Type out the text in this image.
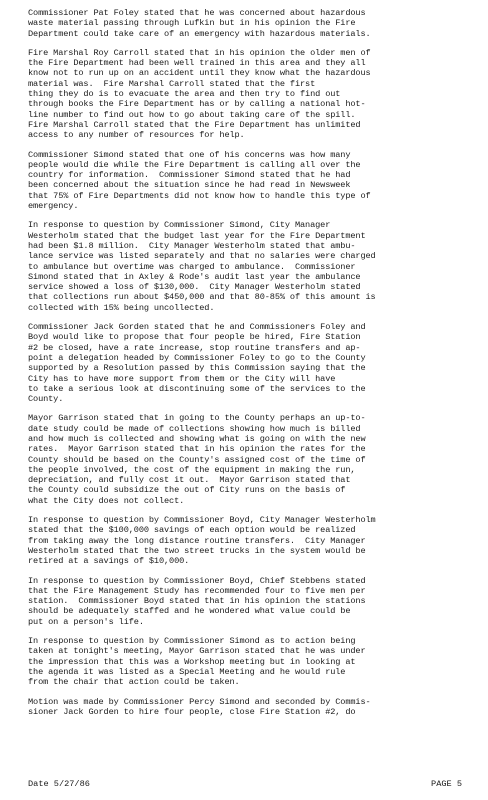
Commissioner Pat Foley stated that he was concerned about hazardous
waste material passing through Lufkin but in his opinion the Fire
Department could take care of an emergency with hazardous materials.

Fire Marshal Roy Carroll stated that in his opinion the older men of
the Fire Department had been well trained in this area and they all
know not to run up on an accident until they know what the hazardous
material was.  Fire Marshal Carroll stated that the first
thing they do is to evacuate the area and then try to find out
through books the Fire Department has or by calling a national hot-
line number to find out how to go about taking care of the spill.
Fire Marshal Carroll stated that the Fire Department has unlimited
access to any number of resources for help.

Commissioner Simond stated that one of his concerns was how many
people would die while the Fire Department is calling all over the
country for information.  Commissioner Simond stated that he had
been concerned about the situation since he had read in Newsweek
that 75% of Fire Departments did not know how to handle this type of
emergency.

In response to question by Commissioner Simond, City Manager
Westerholm stated that the budget last year for the Fire Department
had been $1.8 million.  City Manager Westerholm stated that ambu-
lance service was listed separately and that no salaries were charged
to ambulance but overtime was charged to ambulance.  Commissioner
Simond stated that in Axley & Rode's audit last year the ambulance
service showed a loss of $130,000.  City Manager Westerholm stated
that collections run about $450,000 and that 80-85% of this amount is
collected with 15% being uncollected.

Commissioner Jack Gorden stated that he and Commissioners Foley and
Boyd would like to propose that four people be hired, Fire Station
#2 be closed, have a rate increase, stop routine transfers and ap-
point a delegation headed by Commissioner Foley to go to the County
supported by a Resolution passed by this Commission saying that the
City has to have more support from them or the City will have
to take a serious look at discontinuing some of the services to the
County.

Mayor Garrison stated that in going to the County perhaps an up-to-
date study could be made of collections showing how much is billed
and how much is collected and showing what is going on with the new
rates.  Mayor Garrison stated that in his opinion the rates for the
County should be based on the County's assigned cost of the time of
the people involved, the cost of the equipment in making the run,
depreciation, and fully cost it out.  Mayor Garrison stated that
the County could subsidize the out of City runs on the basis of
what the City does not collect.

In response to question by Commissioner Boyd, City Manager Westerholm
stated that the $100,000 savings of each option would be realized
from taking away the long distance routine transfers.  City Manager
Westerholm stated that the two street trucks in the system would be
retired at a savings of $10,000.

In response to question by Commissioner Boyd, Chief Stebbens stated
that the Fire Management Study has recommended four to five men per
station.  Commissioner Boyd stated that in his opinion the stations
should be adequately staffed and he wondered what value could be
put on a person's life.

In response to question by Commissioner Simond as to action being
taken at tonight's meeting, Mayor Garrison stated that he was under
the impression that this was a Workshop meeting but in looking at
the agenda it was listed as a Special Meeting and he would rule
from the chair that action could be taken.

Motion was made by Commissioner Percy Simond and seconded by Commis-
sioner Jack Gorden to hire four people, close Fire Station #2, do

Date 5/27/86	PAGE 5
